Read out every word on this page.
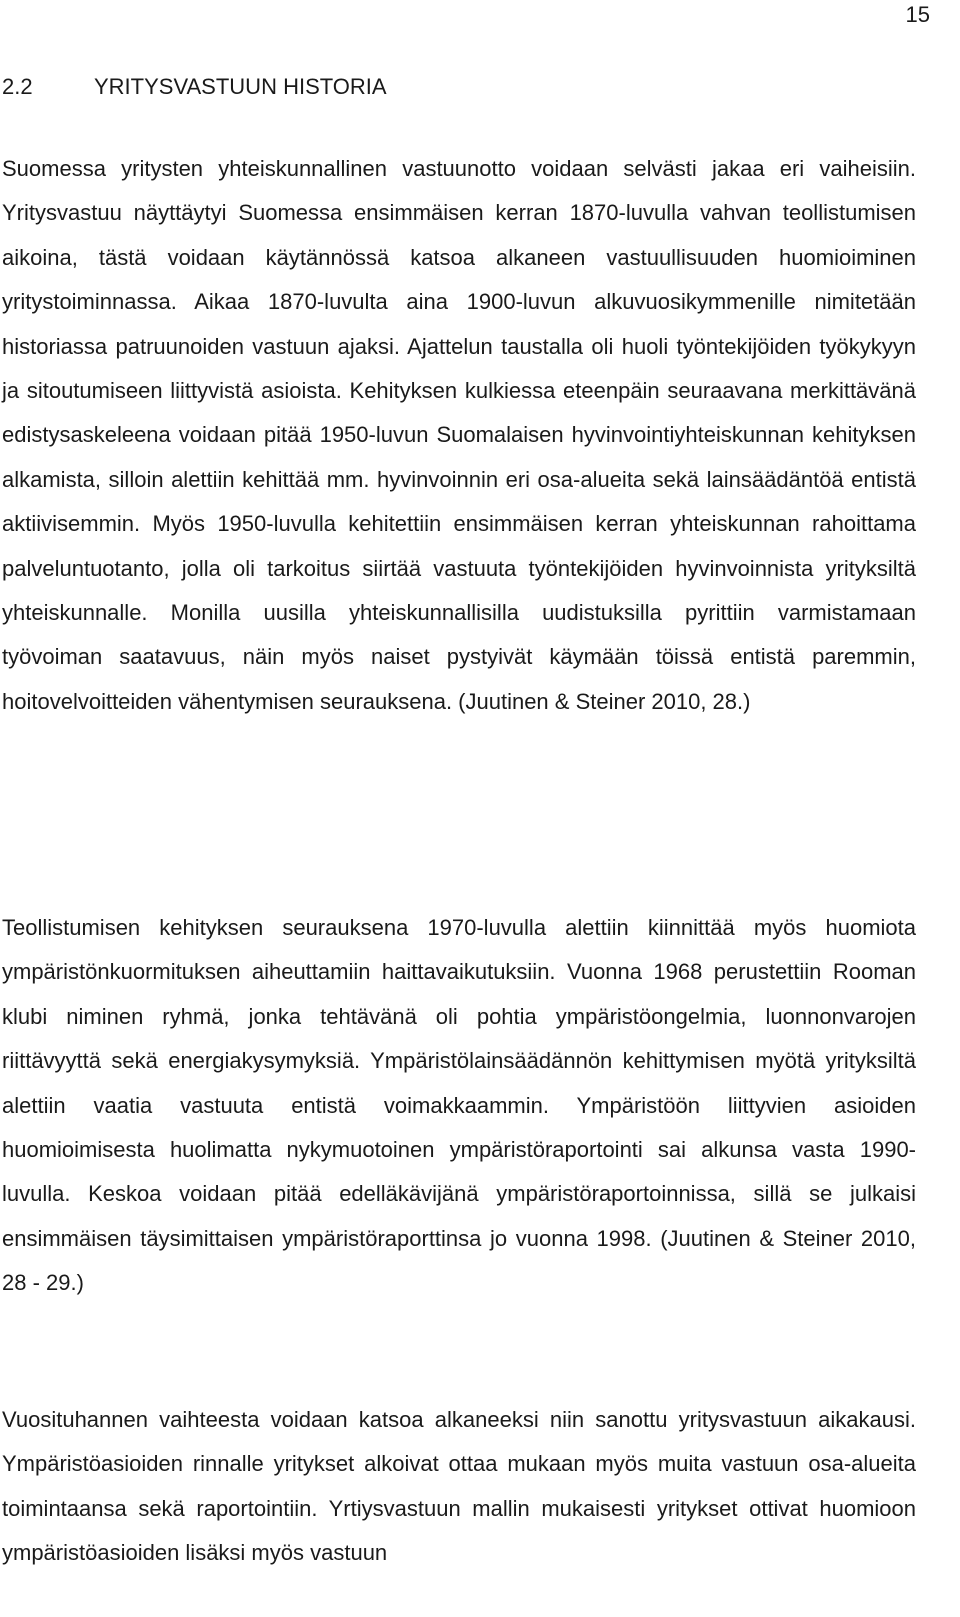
15
2.2	YRITYSVASTUUN HISTORIA

Suomessa yritysten yhteiskunnallinen vastuunotto voidaan selvästi jakaa eri vaiheisiin. Yritysvastuu näyttäytyi Suomessa ensimmäisen kerran 1870-luvulla vahvan teollistumisen aikoina, tästä voidaan käytännössä katsoa alkaneen vastuullisuuden huomioiminen yritystoiminnassa. Aikaa 1870-luvulta aina 1900-luvun alkuvuosikymmenille nimitetään historiassa patruunoiden vastuun ajaksi. Ajattelun taustalla oli huoli työntekijöiden työkykyyn ja sitoutumiseen liittyvistä asioista. Kehityksen kulkiessa eteenpäin seuraavana merkittävänä edistysaskeleena voidaan pitää 1950-luvun Suomalaisen hyvinvointiyhteiskunnan kehityksen alkamista, silloin alettiin kehittää mm. hyvinvoinnin eri osa-alueita sekä lainsäädäntöä entistä aktiivisemmin. Myös 1950-luvulla kehitettiin ensimmäisen kerran yhteiskunnan rahoittama palveluntuotanto, jolla oli tarkoitus siirtää vastuuta työntekijöiden hyvinvoinnista yrityksiltä yhteiskunnalle. Monilla uusilla yhteiskunnallisilla uudistuksilla pyrittiin varmistamaan työvoiman saatavuus, näin myös naiset pystyivät käymään töissä entistä paremmin, hoitovelvoitteiden vähentymisen seurauksena. (Juutinen & Steiner 2010, 28.)

Teollistumisen kehityksen seurauksena 1970-luvulla alettiin kiinnittää myös huomiota ympäristönkuormituksen aiheuttamiin haittavaikutuksiin. Vuonna 1968 perustettiin Rooman klubi niminen ryhmä, jonka tehtävänä oli pohtia ympäristöongelmia, luonnonvarojen riittävyyttä sekä energiakysymyksiä. Ympäristölainsäädännön kehittymisen myötä yrityksiltä alettiin vaatia vastuuta entistä voimakkaammin. Ympäristöön liittyvien asioiden huomioimisesta huolimatta nykymuotoinen ympäristöraportointi sai alkunsa vasta 1990-luvulla. Keskoa voidaan pitää edelläkävijänä ympäristöraportoinnissa, sillä se julkaisi ensimmäisen täysimittaisen ympäristöraporttinsa jo vuonna 1998. (Juutinen & Steiner 2010, 28 - 29.)

Vuosituhannen vaihteesta voidaan katsoa alkaneeksi niin sanottu yritysvastuun aikakausi. Ympäristöasioiden rinnalle yritykset alkoivat ottaa mukaan myös muita vastuun osa-alueita toimintaansa sekä raportointiin. Yrtiysvastuun mallin mukaisesti yritykset ottivat huomioon ympäristöasioiden lisäksi myös vastuun
